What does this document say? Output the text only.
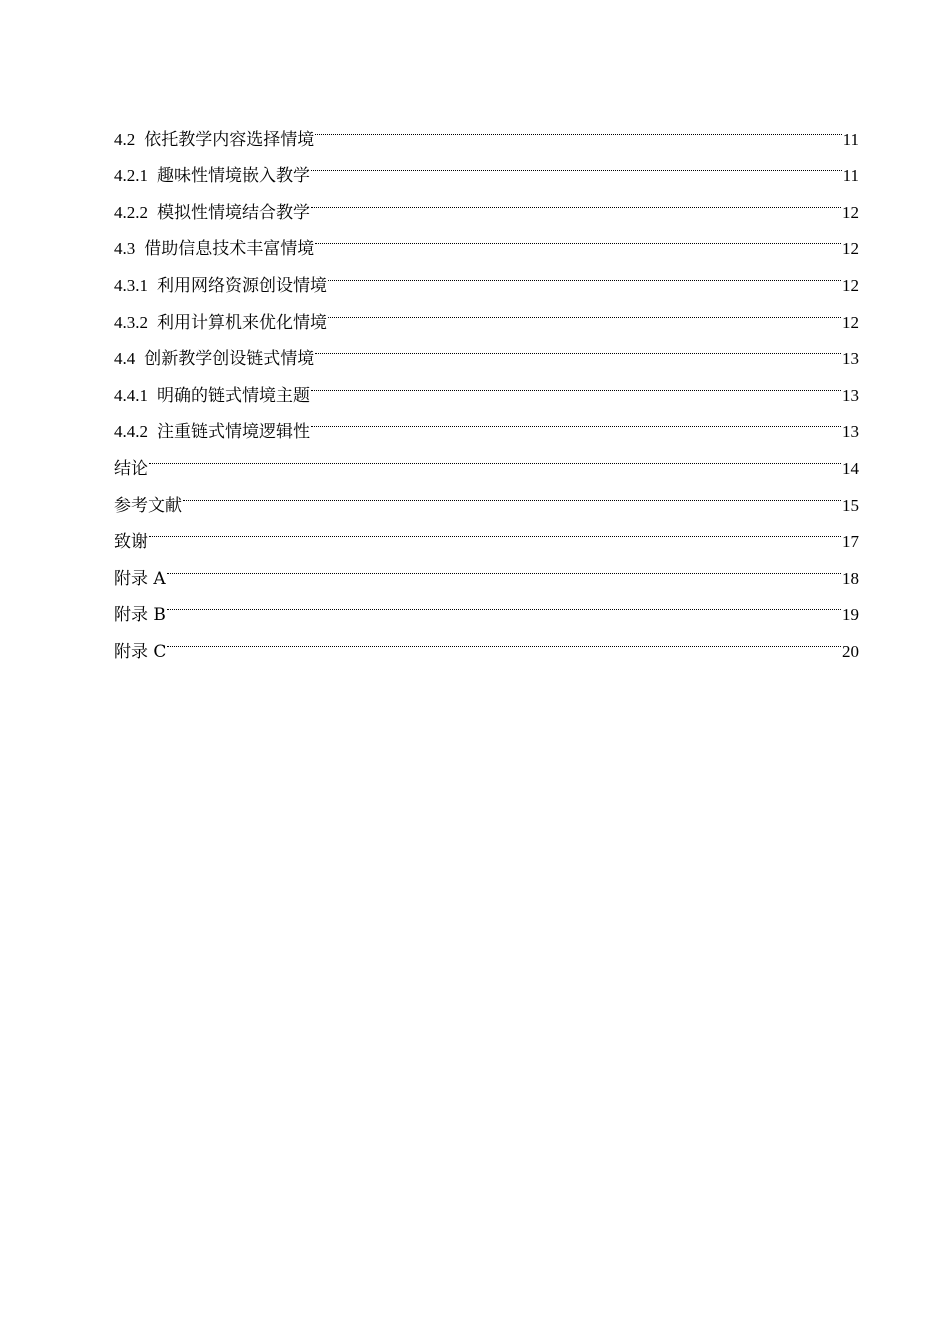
4.2 依托教学内容选择情境	11
4.2.1 趣味性情境嵌入教学	11
4.2.2 模拟性情境结合教学	12
4.3 借助信息技术丰富情境	12
4.3.1 利用网络资源创设情境	12
4.3.2 利用计算机来优化情境	12
4.4 创新教学创设链式情境	13
4.4.1 明确的链式情境主题	13
4.4.2 注重链式情境逻辑性	13
结论	14
参考文献	15
致谢	17
附录 A	18
附录 B	19
附录 C	20
